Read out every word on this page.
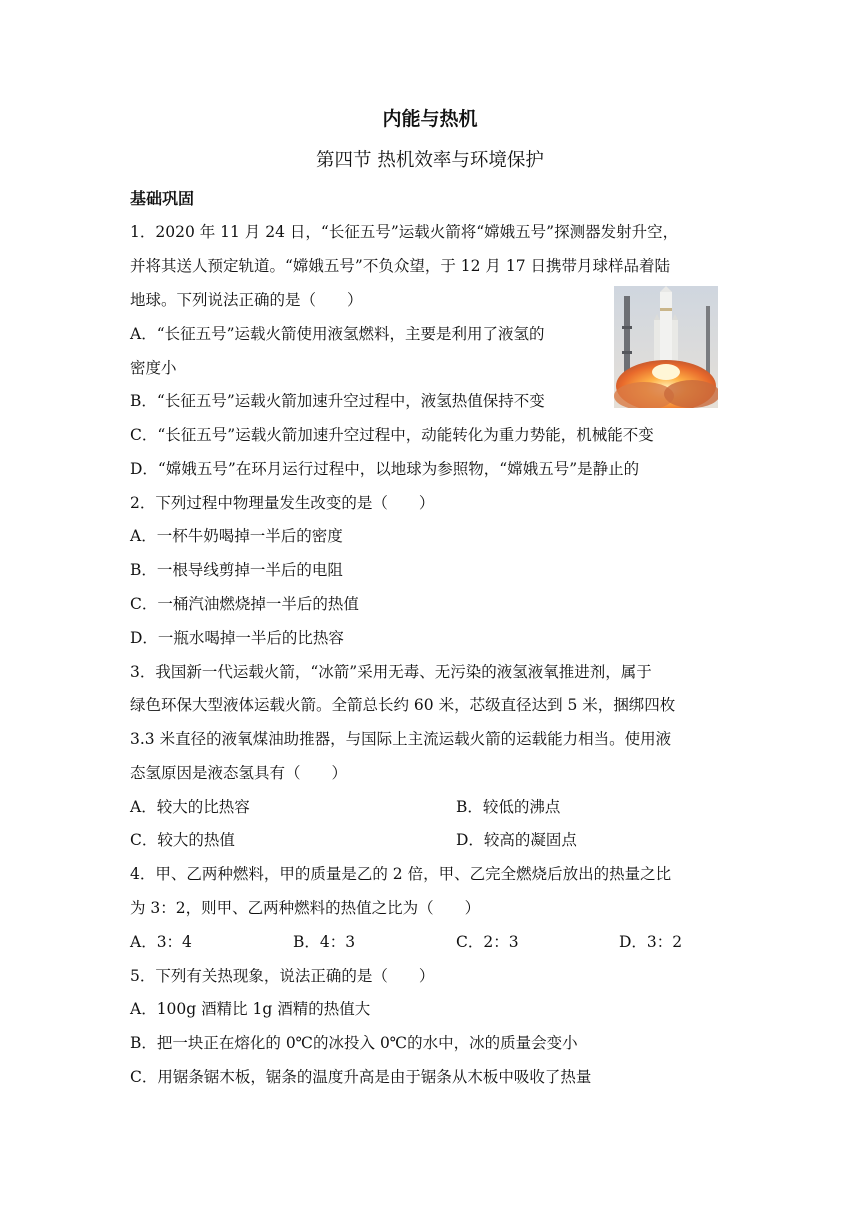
内能与热机
第四节 热机效率与环境保护
基础巩固
1．2020 年 11 月 24 日，“长征五号”运载火箭将“嫦娥五号”探测器发射升空，
并将其送人预定轨道。“嫦娥五号”不负众望，于 12 月 17 日携带月球样品着陆
地球。下列说法正确的是（　　）
A．“长征五号”运载火箭使用液氢燃料，主要是利用了液氢的
密度小
B．“长征五号”运载火箭加速升空过程中，液氢热值保持不变
C．“长征五号”运载火箭加速升空过程中，动能转化为重力势能，机械能不变
D．“嫦娥五号”在环月运行过程中，以地球为参照物，“嫦娥五号”是静止的
2．下列过程中物理量发生改变的是（　　）
A．一杯牛奶喝掉一半后的密度
B．一根导线剪掉一半后的电阻
C．一桶汽油燃烧掉一半后的热值
D．一瓶水喝掉一半后的比热容
3．我国新一代运载火箭，“冰箭”采用无毒、无污染的液氢液氧推进剂，属于
绿色环保大型液体运载火箭。全箭总长约 60 米，芯级直径达到 5 米，捆绑四枚
3.3 米直径的液氧煤油助推器，与国际上主流运载火箭的运载能力相当。使用液
态氢原因是液态氢具有（　　）
A．较大的比热容	B．较低的沸点
C．较大的热值	D．较高的凝固点
4．甲、乙两种燃料，甲的质量是乙的 2 倍，甲、乙完全燃烧后放出的热量之比
为 3：2，则甲、乙两种燃料的热值之比为（　　）
A．3：4	B．4：3	C．2：3	D．3：2
5．下列有关热现象，说法正确的是（　　）
A．100g 酒精比 1g 酒精的热值大
B．把一块正在熔化的 0℃的冰投入 0℃的水中，冰的质量会变小
C．用锯条锯木板，锯条的温度升高是由于锯条从木板中吸收了热量
